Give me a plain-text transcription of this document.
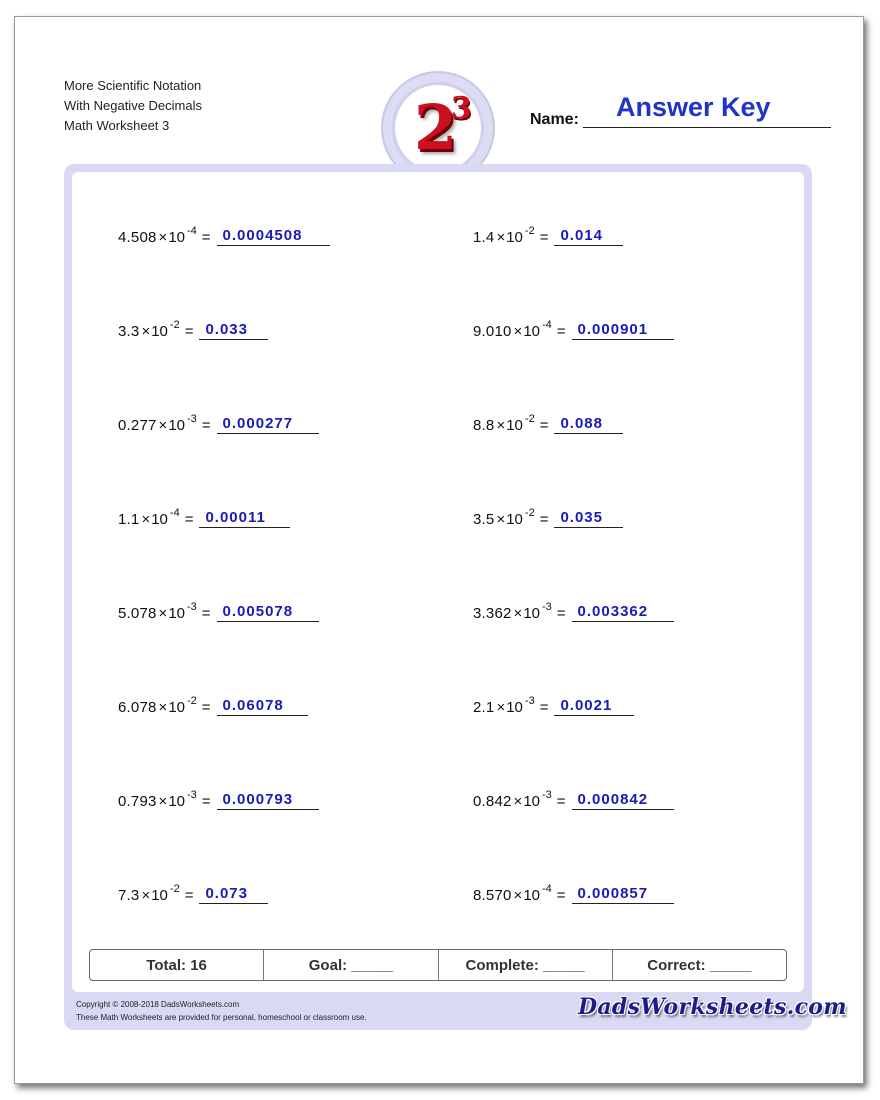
More Scientific Notation
With Negative Decimals
Math Worksheet 3	2
3	Name: Answer Key
4.508 × 10 -4 = 0.0004508	1.4 × 10 -2 = 0.014
3.3 × 10 -2 = 0.033	9.010 × 10 -4 = 0.000901
0.277 × 10 -3 = 0.000277	8.8 × 10 -2 = 0.088
1.1 × 10 -4 = 0.00011	3.5 × 10 -2 = 0.035
5.078 × 10 -3 = 0.005078	3.362 × 10 -3 = 0.003362
6.078 × 10 -2 = 0.06078	2.1 × 10 -3 = 0.0021
0.793 × 10 -3 = 0.000793	0.842 × 10 -3 = 0.000842
7.3 × 10 -2 = 0.073	8.570 × 10 -4 = 0.000857
Total: 16	Goal: _____	Complete: _____	Correct: _____
Copyright © 2008-2018 DadsWorksheets.com
These Math Worksheets are provided for personal, homeschool or classroom use.	DadsWorksheets.com
